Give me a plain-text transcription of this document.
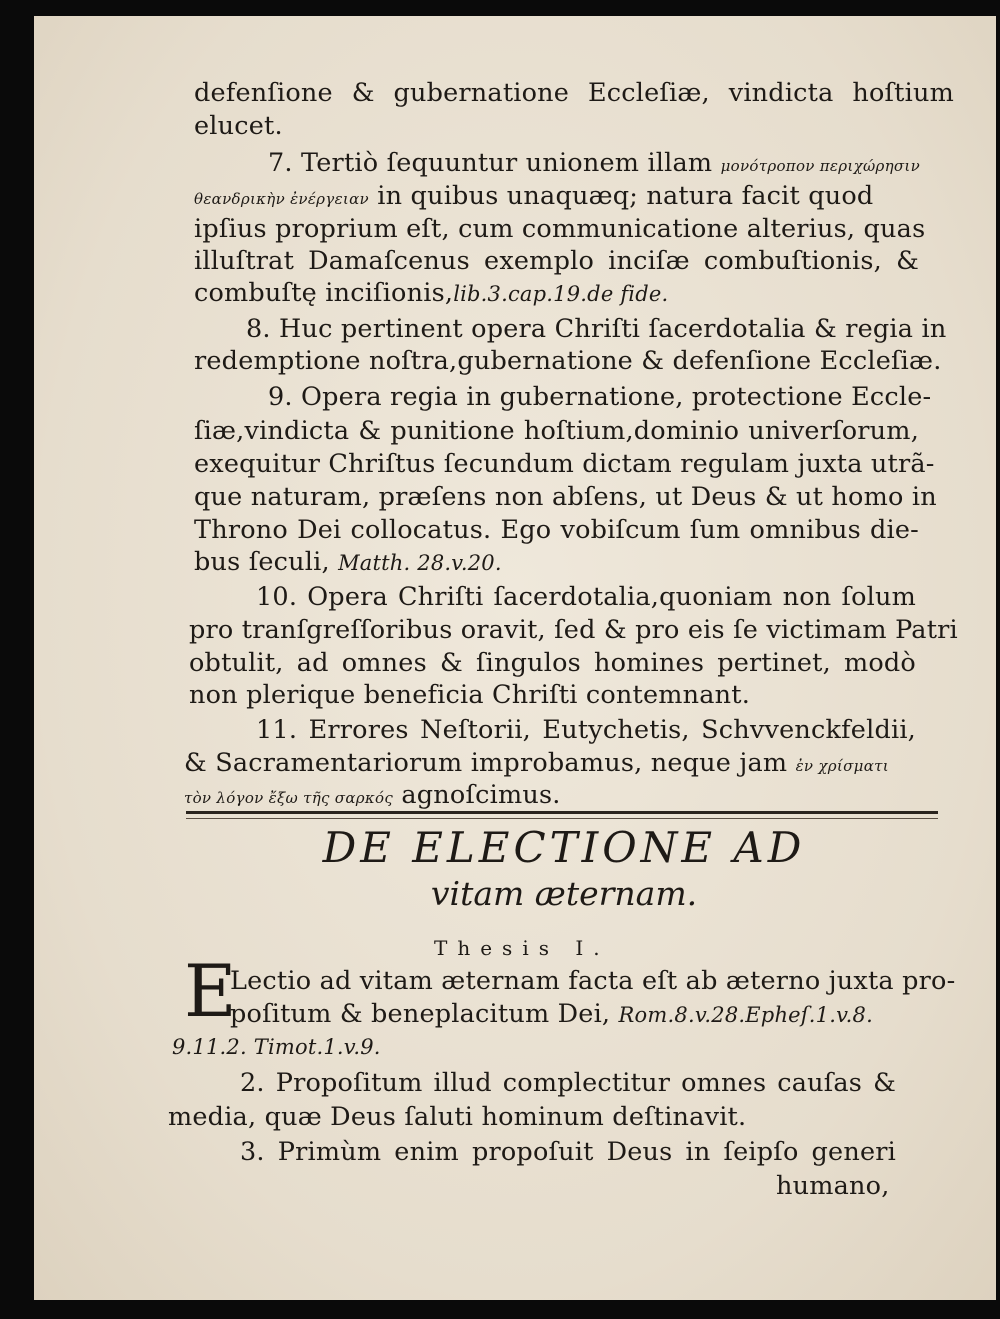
defenſione & gubernatione Eccleſiæ, vindicta hoſtium
elucet.
7. Tertiò ſequuntur unionem illam μονότροπον περιχώρησιν
θεανδρικὴν ἐνέργειαν in quibus unaquæq; natura facit quod
ipſius proprium eſt, cum communicatione alterius, quas
illuſtrat Damaſcenus exemplo inciſæ combuſtionis, &
combuſtę inciſionis,lib.3.cap.19.de fide.
8. Huc pertinent opera Chriſti ſacerdotalia & regia in
redemptione noſtra,gubernatione & defenſione Eccleſiæ.
9. Opera regia in gubernatione, protectione Eccle-
ſiæ,vindicta & punitione hoſtium,dominio univerſorum,
exequitur Chriſtus ſecundum dictam regulam juxta utrã-
que naturam, præſens non abſens, ut Deus & ut homo in
Throno Dei collocatus. Ego vobiſcum ſum omnibus die-
bus ſeculi, Matth. 28.v.20.
10. Opera Chriſti ſacerdotalia,quoniam non ſolum
pro tranſgreſſoribus oravit, ſed & pro eis ſe victimam Patri
obtulit, ad omnes & ſingulos homines pertinet, modò
non plerique beneficia Chriſti contemnant.
11. Errores Neſtorii, Eutychetis, Schvvenckfeldii,
& Sacramentariorum improbamus, neque jam ἐν χρίσματι
τὸν λόγον ἔξω τῆς σαρκός agnoſcimus.
DE ELECTIONE AD
vitam æternam.
Thesis I.
E
Lectio ad vitam æternam facta eſt ab æterno juxta pro-
poſitum & beneplacitum Dei, Rom.8.v.28.Epheſ.1.v.8.
9.11.2. Timot.1.v.9.
2. Propoſitum illud complectitur omnes cauſas &
media, quæ Deus ſaluti hominum deſtinavit.
3. Primùm enim propoſuit Deus in ſeipſo generi
humano,
